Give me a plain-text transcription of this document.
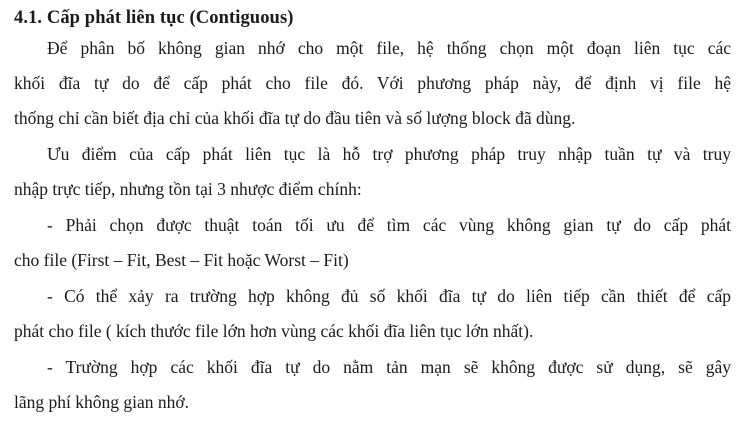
4.1. Cấp phát liên tục (Contiguous)
Để phân bố không gian nhớ cho một file, hệ thống chọn một đoạn liên tục các
khối đĩa tự do để cấp phát cho file đó. Với phương pháp này, để định vị file hệ
thống chỉ cần biết địa chỉ của khối đĩa tự do đầu tiên và số lượng block đã dùng.
Ưu điểm của cấp phát liên tục là hỗ trợ phương pháp truy nhập tuần tự và truy
nhập trực tiếp, nhưng tồn tại 3 nhược điểm chính:
- Phải chọn được thuật toán tối ưu để tìm các vùng không gian tự do cấp phát
cho file (First – Fit, Best – Fit hoặc Worst – Fit)
- Có thể xảy ra trường hợp không đủ số khối đĩa tự do liên tiếp cần thiết để cấp
phát cho file ( kích thước file lớn hơn vùng các khối đĩa liên tục lớn nhất).
- Trường hợp các khối đĩa tự do nằm tản mạn sẽ không được sử dụng, sẽ gây
lãng phí không gian nhớ.
